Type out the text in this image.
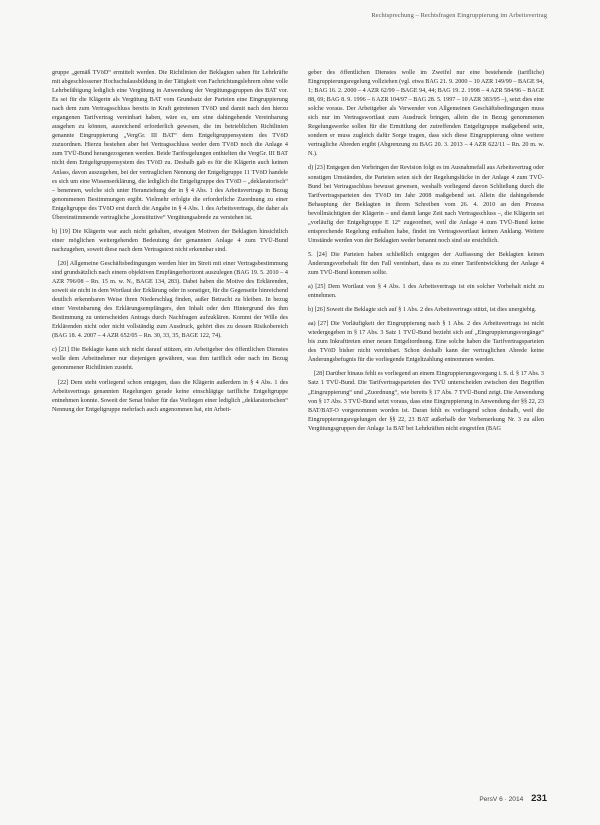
Rechtsprechung – Rechtsfragen Eingruppierung im Arbeitsvertrag

gruppe „gemäß TVöD“ ermittelt werden. Die Richtlinien der Beklagten sahen für Lehrkräfte mit abgeschlossener Hochschulausbildung in der Tätigkeit von Fachrichtungslehrern ohne volle Lehrbefähigung lediglich eine Vergütung in Anwendung der Vergütungsgruppen des BAT vor. Es sei für die Klägerin als Vergütung BAT vom Grundsatz der Parteien eine Eingruppierung nach dem zum Vertragsschluss bereits in Kraft getretenen TVöD und damit nach den hierzu ergangenen Tarifvertrag vereinbart haben, wäre es, um eine dahingehende Vereinbarung ausgehen zu können, ausreichend erforderlich gewesen, die im betrieblichen Richtlinien genannte Eingruppierung „VergGr. III BAT“ dem Entgeltgruppensystem des TVöD zuzuordnen. Hierzu bestehen aber bei Vertragsschluss weder dem TVöD noch die Anlage 4 zum TVÜ-Bund herangezogenen werden. Beide Tarifregelungen enthielten die VergGr. III BAT nicht dem Entgeltgruppensystem des TVöD zu. Deshalb gab es für die Klägerin auch keinen Anlass, davon auszugehen, bei der vertraglichen Nennung der Entgeltgruppe 11 TVöD handele es sich um eine Wissenserklärung, die lediglich die Entgeltgruppe des TVöD – „deklaratorisch“ – benennen, welche sich unter Heranziehung der in § 4 Abs. 1 des Arbeitsvertrags in Bezug genommenen Bestimmungen ergibt. Vielmehr erfolgte die erforderliche Zuordnung zu einer Entgeltgruppe des TVöD erst durch die Angabe in § 4 Abs. 1 des Arbeitsvertrags, die daher als Übereinstimmende vertragliche „konstitutive“ Vergütungsabrede zu verstehen ist.

b) [19] Die Klägerin war auch nicht gehalten, etwaigen Motiven der Beklagten hinsichtlich einer möglichen weitergehenden Bedeutung der genannten Anlage 4 zum TVÜ-Bund nachzugehen, soweit diese nach dem Vertragstext nicht erkennbar sind.

[20] Allgemeine Geschäftsbedingungen werden hier im Streit mit einer Vertragsbestimmung sind grundsätzlich nach einem objektiven Empfängerhorizont auszulegen (BAG 19. 5. 2010 – 4 AZR 796/08 – Rn. 15 m. w. N., BAGE 134, 283). Dabei haben die Motive des Erklärenden, soweit sie nicht in dem Wortlaut der Erklärung oder in sonstiger, für die Gegenseite hinreichend deutlich erkennbaren Weise ihren Niederschlag finden, außer Betracht zu bleiben. In bezug einer Vereinbarung des Erklärungsempfängers, den Inhalt oder den Hintergrund des ihm Bestimmung zu unterscheiden Antrags durch Nachfragen aufzuklären. Kommt der Wille des Erklärenden nicht oder nicht vollständig zum Ausdruck, gehört dies zu dessen Risikobereich (BAG 18. 4. 2007 – 4 AZR 652/05 – Rn. 30, 33, 35, BAGE 122, 74).

c) [21] Die Beklagte kann sich nicht darauf stützen, ein Arbeitgeber des öffentlichen Dienstes wolle dem Arbeitnehmer nur diejenigen gewähren, was ihm tariflich oder nach im Bezug genommener Richtlinien zusteht.

[22] Dem steht vorliegend schon entgegen, dass die Klägerin außerdem in § 4 Abs. 1 des Arbeitsvertrags genannten Regelungen gerade keine einschlägige tarifliche Entgeltgruppe entnehmen konnte. Soweit der Senat bisher für das Vorliegen einer lediglich „deklaratorischen“ Nennung der Entgeltgruppe mehrfach auch angenommen hat, ein Arbeit-

geber des öffentlichen Dienstes wolle im Zweifel nur eine bestehende (tarifliche) Eingruppierungsregelung vollziehen (vgl. etwa BAG 21. 9. 2000 – 10 AZR 149/99 – BAGE 94, 1; BAG 16. 2. 2000 – 4 AZR 62/99 – BAGE 94, 44; BAG 19. 2. 1998 – 4 AZR 584/96 – BAGE 88, 69; BAG 8. 9. 1996 – 6 AZR 104/97 – BAG 28. 5. 1997 – 10 AZR 383/95 –), setzt dies eine solche voraus. Der Arbeitgeber als Verwender von Allgemeinen Geschäftsbedingungen muss sich nur im Vertragswortlaut zum Ausdruck bringen, allein die in Bezug genommenen Regelungswerke sollen für die Ermittlung der zutreffenden Entgeltgruppe maßgebend sein, sondern er muss zugleich dafür Sorge tragen, dass sich diese Eingruppierung ohne weitere vertragliche Abreden ergibt (Abgrenzung zu BAG 20. 3. 2013 – 4 AZR 622/11 – Rn. 20 m. w. N.).

d) [23] Entgegen den Vorbringen der Revision folgt es im Ausnahmefall aus Arbeitsvertrag oder sonstigen Umständen, die Parteien seien sich der Regelungslücke in der Anlage 4 zum TVÜ-Bund bei Vertragsschluss bewusst gewesen, weshalb vorliegend davon Schließung durch die Tarifvertragsparteien des TVöD im Jahr 2008 maßgebend sei. Allein die dahingehende Behauptung der Beklagten in ihrem Schreiben vom 26. 4. 2010 an den Prozess bevollmächtigten der Klägerin – und damit lange Zeit nach Vertragsschluss –, die Klägerin sei „vorläufig der Entgeltgruppe E 12“ zugeordnet, weil die Anlage 4 zum TVÜ-Bund keine entsprechende Regelung enthalten habe, findet im Vertragswortlaut keinen Anklang. Weitere Umstände werden von der Beklagten weder benannt noch sind sie ersichtlich.

5. [24] Die Parteien haben schließlich entgegen der Auffassung der Beklagten keinen Änderungsvorbehalt für den Fall vereinbart, dass es zu einer Tarifentwicklung der Anlage 4 zum TVÜ-Bund kommen sollte.

a) [25] Dem Wortlaut von § 4 Abs. 1 des Arbeitsvertrags ist ein solcher Vorbehalt nicht zu entnehmen.

b) [26] Soweit die Beklagte sich auf § 1 Abs. 2 des Arbeitsvertrags stützt, ist dies unergiebig.

aa) [27] Die Vorläufigkeit der Eingruppierung nach § 1 Abs. 2 des Arbeitsvertrags ist nicht wiedergegeben in § 17 Abs. 3 Satz 1 TVÜ-Bund bezieht sich auf „Eingruppierungsvorgänge“ bis zum Inkrafttreten einer neuen Entgeltordnung. Eine solche haben die Tarifvertragsparteien des TVöD bisher nicht vereinbart. Schon deshalb kann der vertraglichen Abrede keine Änderungsbefugnis für die vorliegende Entgeltzahlung entnommen werden.

[28] Darüber hinaus fehlt es vorliegend an einem Eingruppierungsvorgang i. S. d. § 17 Abs. 3 Satz 1 TVÜ-Bund. Die Tarifvertragsparteien des TVÜ unterscheiden zwischen den Begriffen „Eingruppierung“ und „Zuordnung“, wie bereits § 17 Abs. 7 TVÜ-Bund zeigt. Die Anwendung von § 17 Abs. 3 TVÜ-Bund setzt voraus, dass eine Eingruppierung in Anwendung der §§ 22, 23 BAT/BAT-O vorgenommen worden ist. Daran fehlt es vorliegend schon deshalb, weil die Eingruppierungsregelungen der §§ 22, 23 BAT außerhalb der Vorbemerkung Nr. 3 zu allen Vergütungsgruppen der Anlage 1a BAT bei Lehrkräften nicht eingreifen (BAG

PersV 6 · 2014 231
